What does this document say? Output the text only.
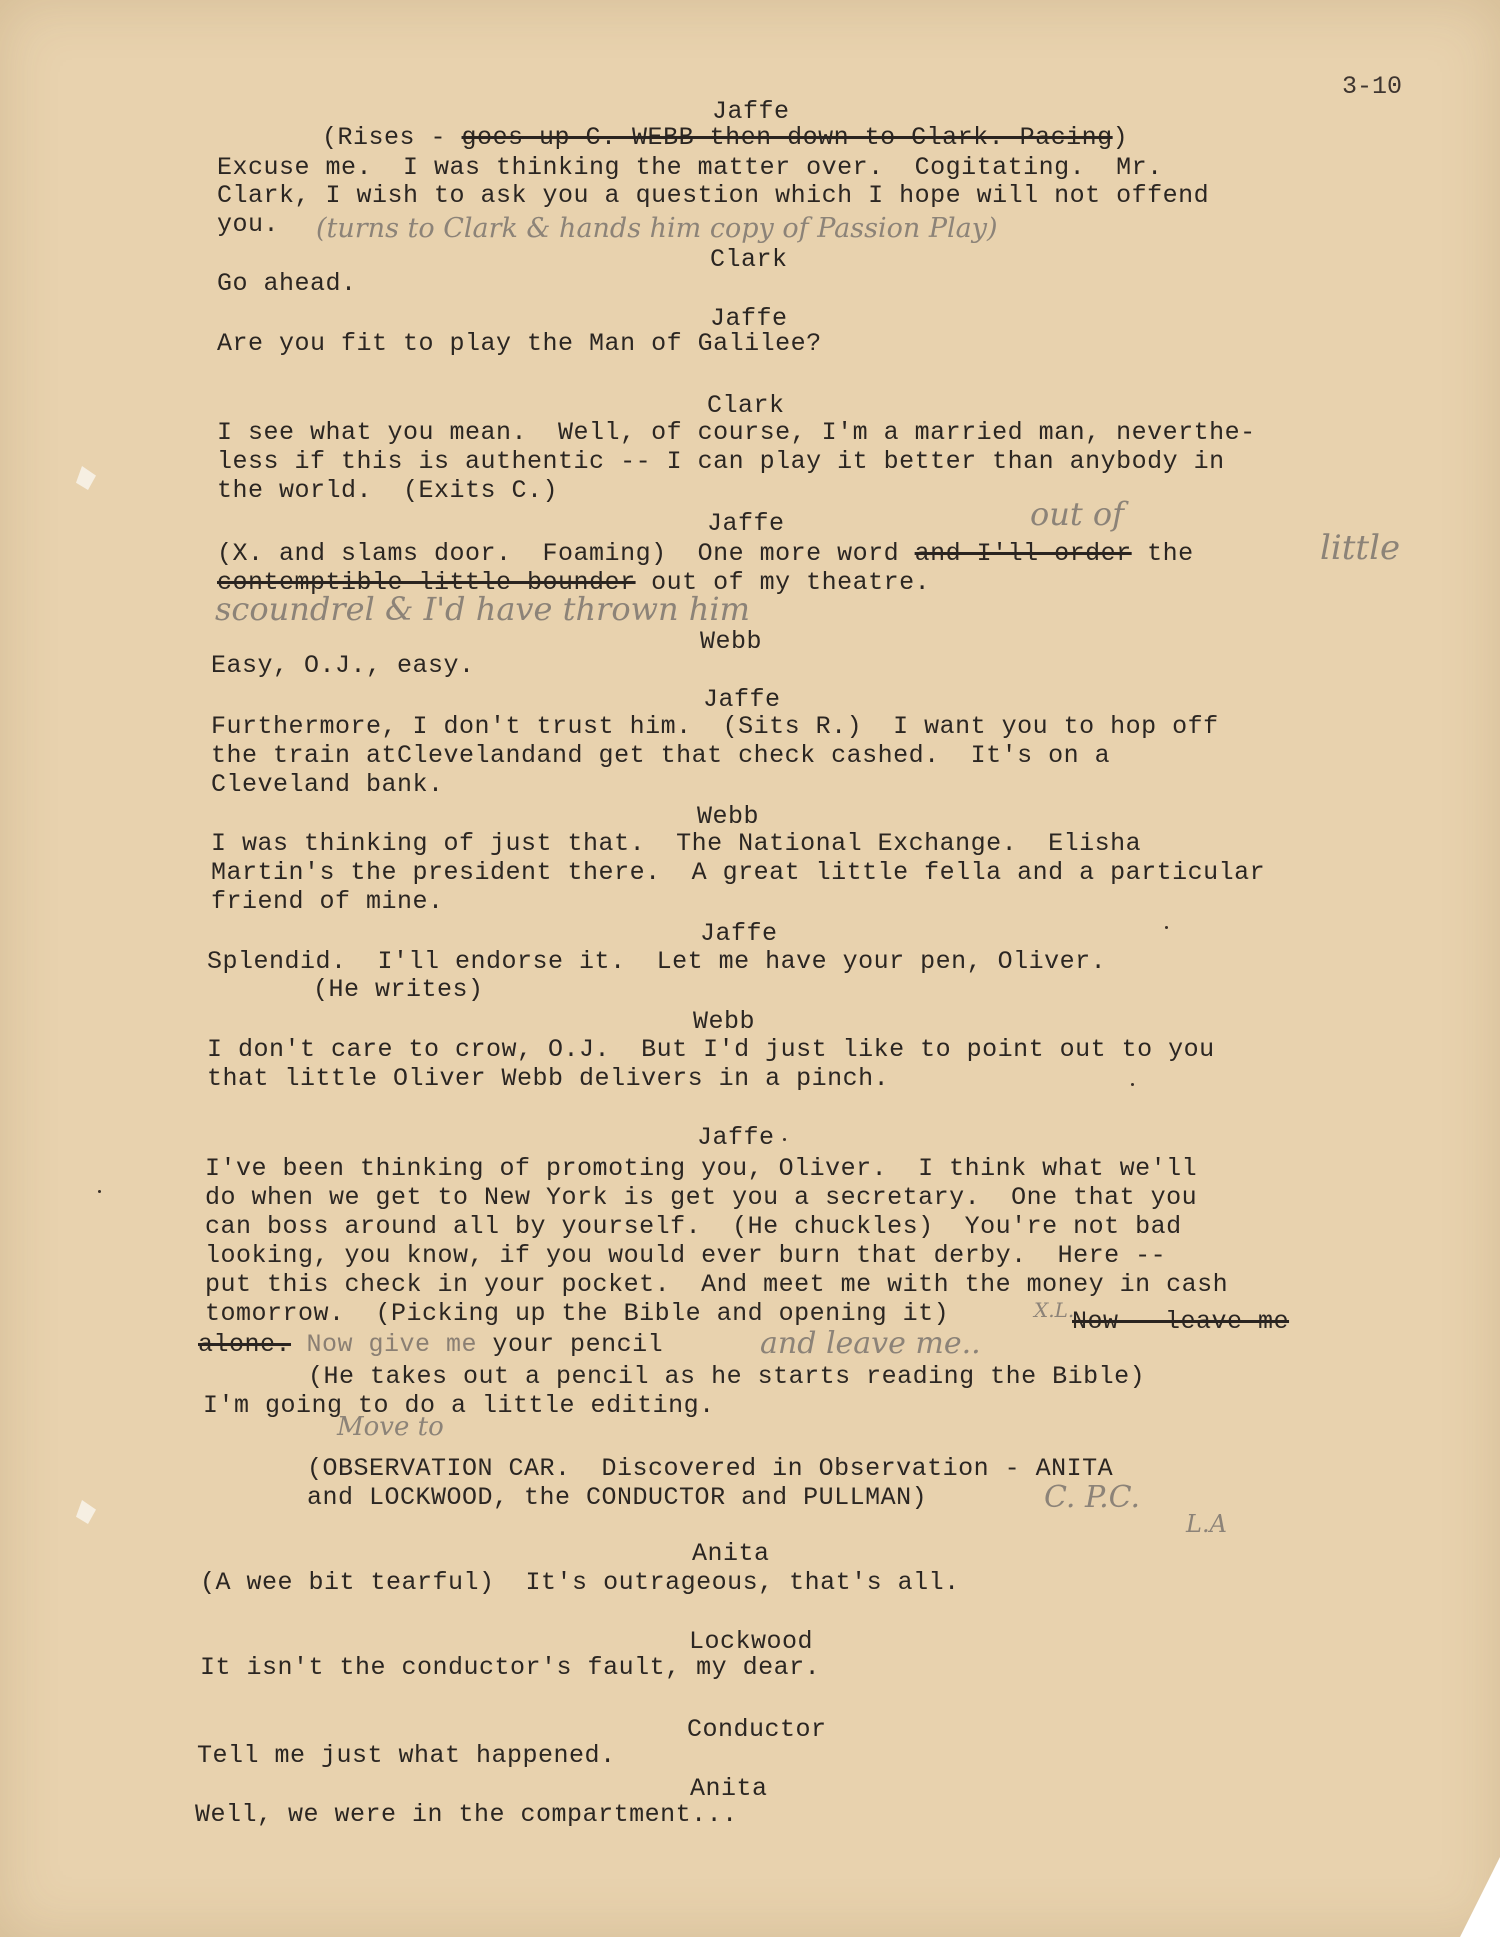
3-10

Jaffe

(Rises - goes up C. WEBB then down to Clark. Pacing)

Excuse me.  I was thinking the matter over.  Cogitating.  Mr.

Clark, I wish to ask you a question which I hope will not offend

you. (turns to Clark & hands him copy of Passion Play)

Clark

Go ahead.

Jaffe

Are you fit to play the Man of Galilee?

Clark

I see what you mean.  Well, of course, I'm a married man, neverthe-

less if this is authentic -- I can play it better than anybody in

the world.  (Exits C.)

Jaffe

(X. and slams door.  Foaming)  One more word and I'll order the

contemptible little bounder out of my theatre.

out of

little

scoundrel & I'd have thrown him

Webb

Easy, O.J., easy.

Jaffe

Furthermore, I don't trust him.  (Sits R.)  I want you to hop off

the train atClevelandand get that check cashed.  It's on a

Cleveland bank.

Webb

I was thinking of just that.  The National Exchange.  Elisha

Martin's the president there.  A great little fella and a particular

friend of mine.

Jaffe

Splendid.  I'll endorse it.  Let me have your pen, Oliver.

(He writes)

Webb

I don't care to crow, O.J.  But I'd just like to point out to you

that little Oliver Webb delivers in a pinch.

Jaffe

I've been thinking of promoting you, Oliver.  I think what we'll

do when we get to New York is get you a secretary.  One that you

can boss around all by yourself.  (He chuckles)  You're not bad

looking, you know, if you would ever burn that derby.  Here --

put this check in your pocket.  And meet me with the money in cash

tomorrow.  (Picking up the Bible and opening it)	Now - leave me

alone. Now give me your pencil

X.L.

and leave me..

(He takes out a pencil as he starts reading the Bible)

I'm going to do a little editing.

Move to

(OBSERVATION CAR.  Discovered in Observation - ANITA

and LOCKWOOD, the CONDUCTOR and PULLMAN)	C. P.C.

L.A

Anita

(A wee bit tearful)  It's outrageous, that's all.

Lockwood

It isn't the conductor's fault, my dear.

Conductor

Tell me just what happened.

Anita

Well, we were in the compartment...
